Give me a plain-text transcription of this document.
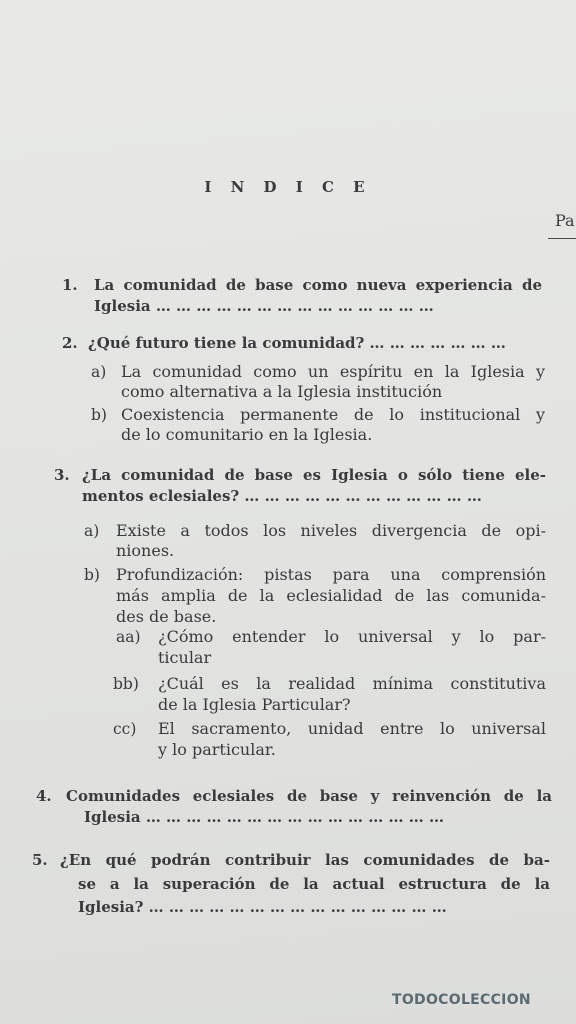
I N D I C E
Pa
1. La comunidad de base como nueva experiencia de
Iglesia … … … … … … … … … … … … … …
2. ¿Qué futuro tiene la comunidad? … … … … … … …
a) La comunidad como un espíritu en la Iglesia y
como alternativa a la Iglesia institución
b) Coexistencia permanente de lo institucional y
de lo comunitario en la Iglesia.
3. ¿La comunidad de base es Iglesia o sólo tiene ele-
mentos eclesiales? … … … … … … … … … … … …
a) Existe a todos los niveles divergencia de opi-
niones.
b) Profundización: pistas para una comprensión
más amplia de la eclesialidad de las comunida-
des de base.
aa) ¿Cómo entender lo universal y lo par-
ticular
bb) ¿Cuál es la realidad mínima constitutiva
de la Iglesia Particular?
cc) El sacramento, unidad entre lo universal
y lo particular.
4. Comunidades eclesiales de base y reinvención de la
Iglesia … … … … … … … … … … … … … … …
5. ¿En qué podrán contribuir las comunidades de ba-
se a la superación de la actual estructura de la
Iglesia? … … … … … … … … … … … … … … …
TODOCOLECCION
